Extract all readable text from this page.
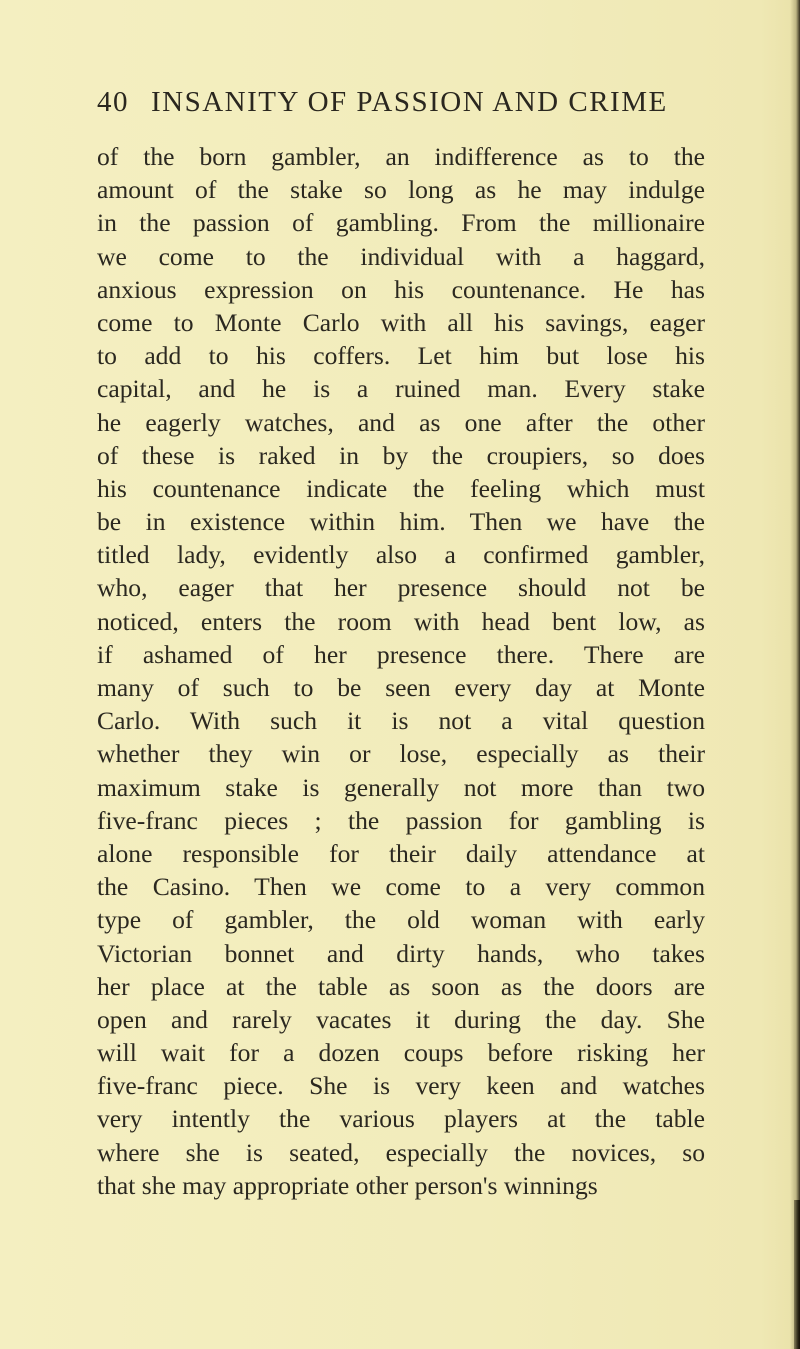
40 INSANITY OF PASSION AND CRIME
of the born gambler, an indifference as to the
amount of the stake so long as he may indulge
in the passion of gambling. From the millionaire
we come to the individual with a haggard,
anxious expression on his countenance. He has
come to Monte Carlo with all his savings, eager
to add to his coffers. Let him but lose his
capital, and he is a ruined man. Every stake
he eagerly watches, and as one after the other
of these is raked in by the croupiers, so does
his countenance indicate the feeling which must
be in existence within him. Then we have the
titled lady, evidently also a confirmed gambler,
who, eager that her presence should not be
noticed, enters the room with head bent low, as
if ashamed of her presence there. There are
many of such to be seen every day at Monte
Carlo. With such it is not a vital question
whether they win or lose, especially as their
maximum stake is generally not more than two
five-franc pieces ; the passion for gambling is
alone responsible for their daily attendance at
the Casino. Then we come to a very common
type of gambler, the old woman with early
Victorian bonnet and dirty hands, who takes
her place at the table as soon as the doors are
open and rarely vacates it during the day. She
will wait for a dozen coups before risking her
five-franc piece. She is very keen and watches
very intently the various players at the table
where she is seated, especially the novices, so
that she may appropriate other person's winnings
